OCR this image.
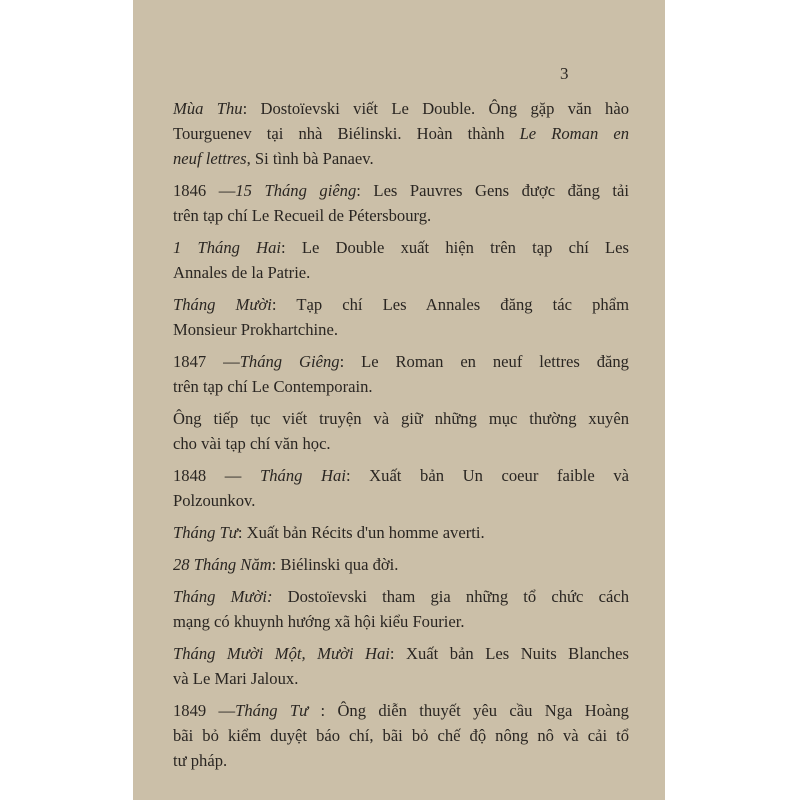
3
Mùa Thu: Dostoïevski viết Le Double. Ông gặp văn hào
Tourguenev tại nhà Biélinski. Hoàn thành Le Roman en
neuf lettres, Si tình bà Panaev.
1846 —15 Tháng giêng: Les Pauvres Gens được đăng tải
trên tạp chí Le Recueil de Pétersbourg.
1 Tháng Hai: Le Double xuất hiện trên tạp chí Les
Annales de la Patrie.
Tháng Mười: Tạp chí Les Annales đăng tác phẩm
Monsieur Prokhartchine.
1847 —Tháng Giêng: Le Roman en neuf lettres đăng
trên tạp chí Le Contemporain.
Ông tiếp tục viết truyện và giữ những mục thường xuyên
cho vài tạp chí văn học.
1848 — Tháng Hai: Xuất bản Un coeur faible và
Polzounkov.
Tháng Tư: Xuất bản Récits d'un homme averti.
28 Tháng Năm: Biélinski qua đời.
Tháng Mười: Dostoïevski tham gia những tổ chức cách
mạng có khuynh hướng xã hội kiểu Fourier.
Tháng Mười Một, Mười Hai: Xuất bản Les Nuits Blanches
và Le Mari Jaloux.
1849 —Tháng Tư : Ông diễn thuyết yêu cầu Nga Hoàng
bãi bỏ kiểm duyệt báo chí, bãi bỏ chế độ nông nô và cải tổ
tư pháp.
